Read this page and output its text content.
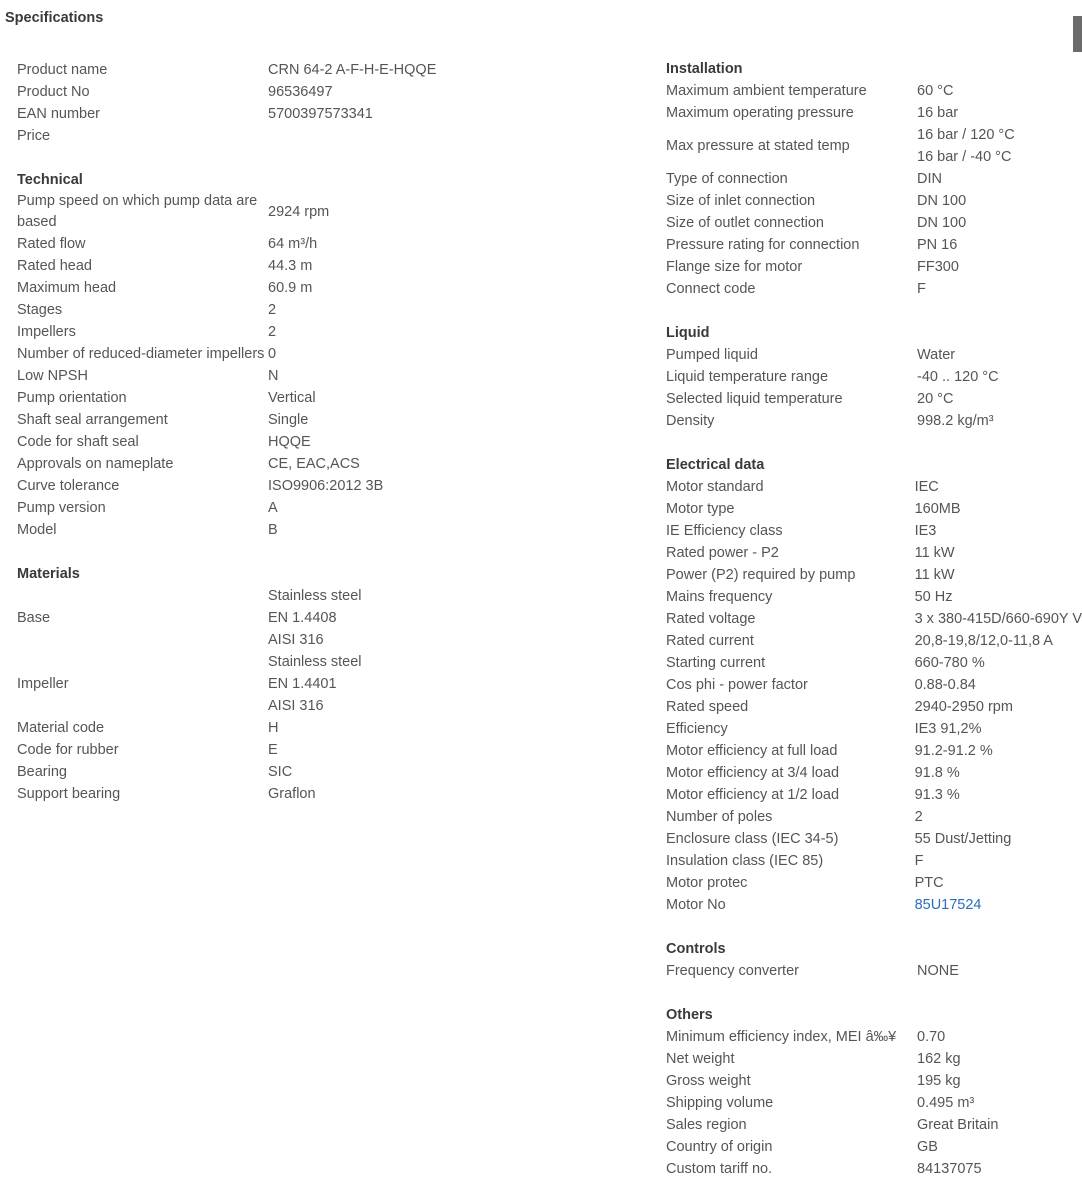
Specifications
Product name	CRN 64-2 A-F-H-E-HQQE

Product No	96536497

EAN number	5700397573341

Price	

Technical
Pump speed on which pump data are based	2924 rpm

Rated flow	64 m³/h

Rated head	44.3 m

Maximum head	60.9 m

Stages	2

Impellers	2

Number of reduced-diameter impellers	0

Low NPSH	N

Pump orientation	Vertical

Shaft seal arrangement	Single

Code for shaft seal	HQQE

Approvals on nameplate	CE, EAC,ACS

Curve tolerance	ISO9906:2012 3B

Pump version	A

Model	B
Materials
Base	Stainless steel
EN 1.4408
AISI 316

Impeller	Stainless steel
EN 1.4401
AISI 316

Material code	H

Code for rubber	E

Bearing	SIC

Support bearing	Graflon
Installation
Maximum ambient temperature	60 °C

Maximum operating pressure	16 bar

Max pressure at stated temp	16 bar / 120 °C
16 bar / -40 °C

Type of connection	DIN

Size of inlet connection	DN 100

Size of outlet connection	DN 100

Pressure rating for connection	PN 16

Flange size for motor	FF300

Connect code	F
Liquid
Pumped liquid	Water

Liquid temperature range	-40 .. 120 °C

Selected liquid temperature	20 °C

Density	998.2 kg/m³
Electrical data
Motor standard	IEC

Motor type	160MB

IE Efficiency class	IE3

Rated power - P2	11 kW

Power (P2) required by pump	11 kW

Mains frequency	50 Hz

Rated voltage	3 x 380-415D/660-690Y V

Rated current	20,8-19,8/12,0-11,8 A

Starting current	660-780 %

Cos phi - power factor	0.88-0.84

Rated speed	2940-2950 rpm

Efficiency	IE3 91,2%

Motor efficiency at full load	91.2-91.2 %

Motor efficiency at 3/4 load	91.8 %

Motor efficiency at 1/2 load	91.3 %

Number of poles	2

Enclosure class (IEC 34-5)	55 Dust/Jetting

Insulation class (IEC 85)	F

Motor protec	PTC

Motor No	85U17524
Controls
Frequency converter	NONE
Others
Minimum efficiency index, MEI â‰¥	0.70

Net weight	162 kg

Gross weight	195 kg

Shipping volume	0.495 m³

Sales region	Great Britain

Country of origin	GB

Custom tariff no.	84137075
